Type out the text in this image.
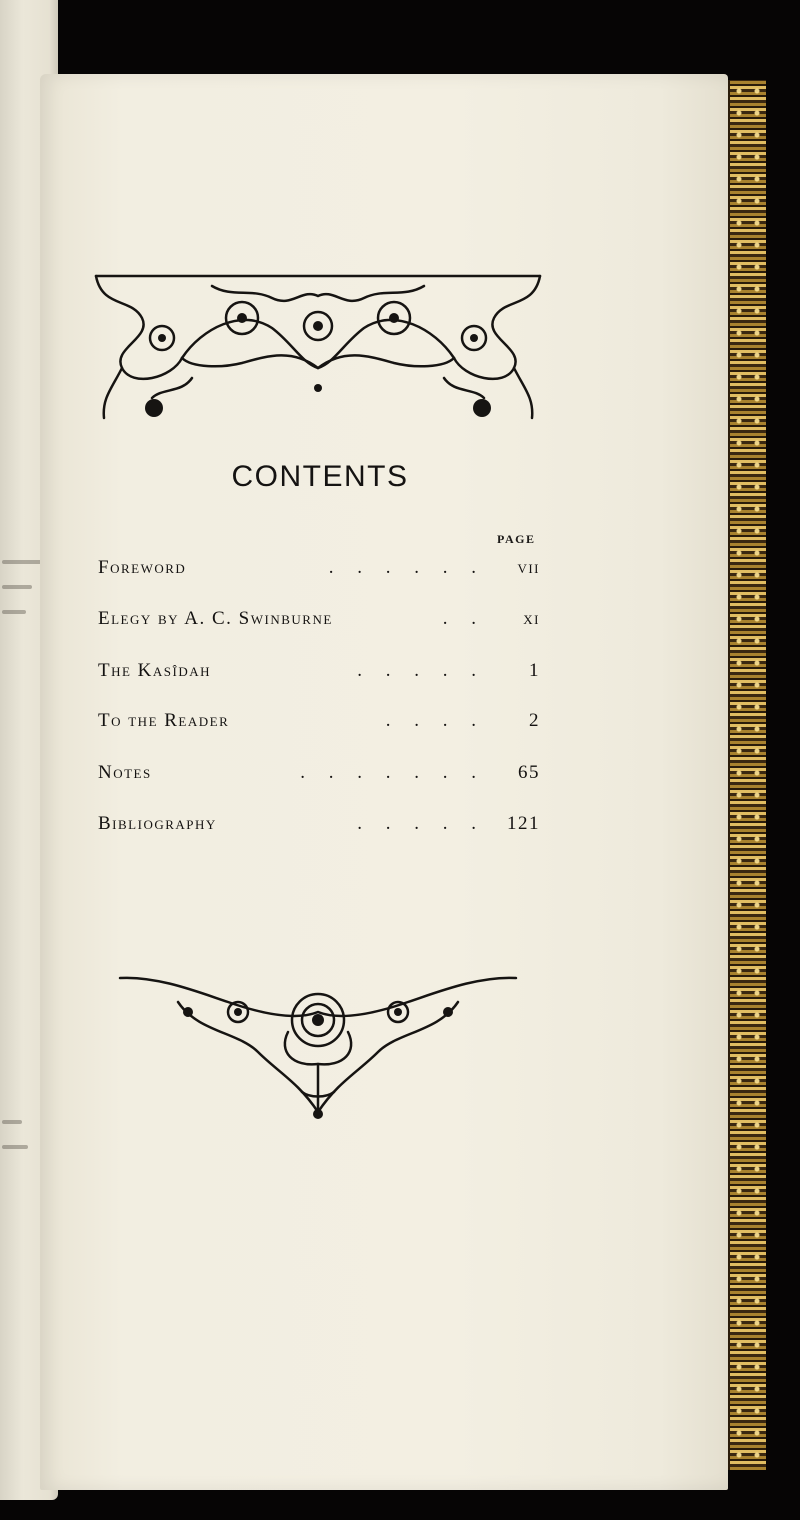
CONTENTS
PAGE
Foreword	.     .     .     .     .     . vii
Elegy by A. C. Swinburne	.     . xi
The Kasîdah	.     .     .     .     .	1
To the Reader	.     .     .     .	2
Notes	.     .     .     .     .     .     . 65
Bibliography	.     .     .     .     . 121
